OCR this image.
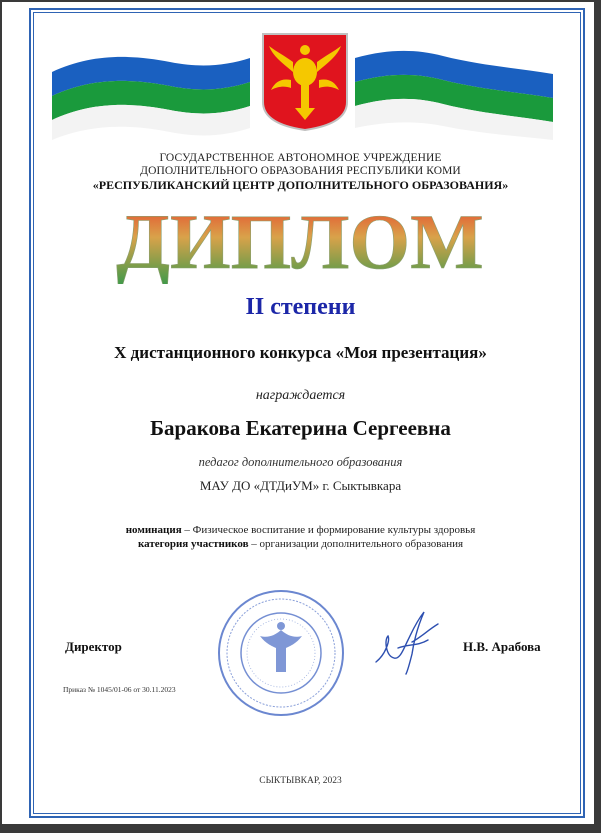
ГОСУДАРСТВЕННОЕ АВТОНОМНОЕ УЧРЕЖДЕНИЕ
ДОПОЛНИТЕЛЬНОГО ОБРАЗОВАНИЯ РЕСПУБЛИКИ КОМИ
«РЕСПУБЛИКАНСКИЙ ЦЕНТР ДОПОЛНИТЕЛЬНОГО ОБРАЗОВАНИЯ»
ДИПЛОМ
II степени
X дистанционного конкурса «Моя презентация»
награждается
Баракова Екатерина Сергеевна
педагог дополнительного образования
МАУ ДО «ДТДиУМ» г. Сыктывкара
номинация – Физическое воспитание и формирование культуры здоровья
категория участников – организации дополнительного образования
Директор	Н.В. Арабова
Приказ № 1045/01-06 от 30.11.2023
СЫКТЫВКАР, 2023
